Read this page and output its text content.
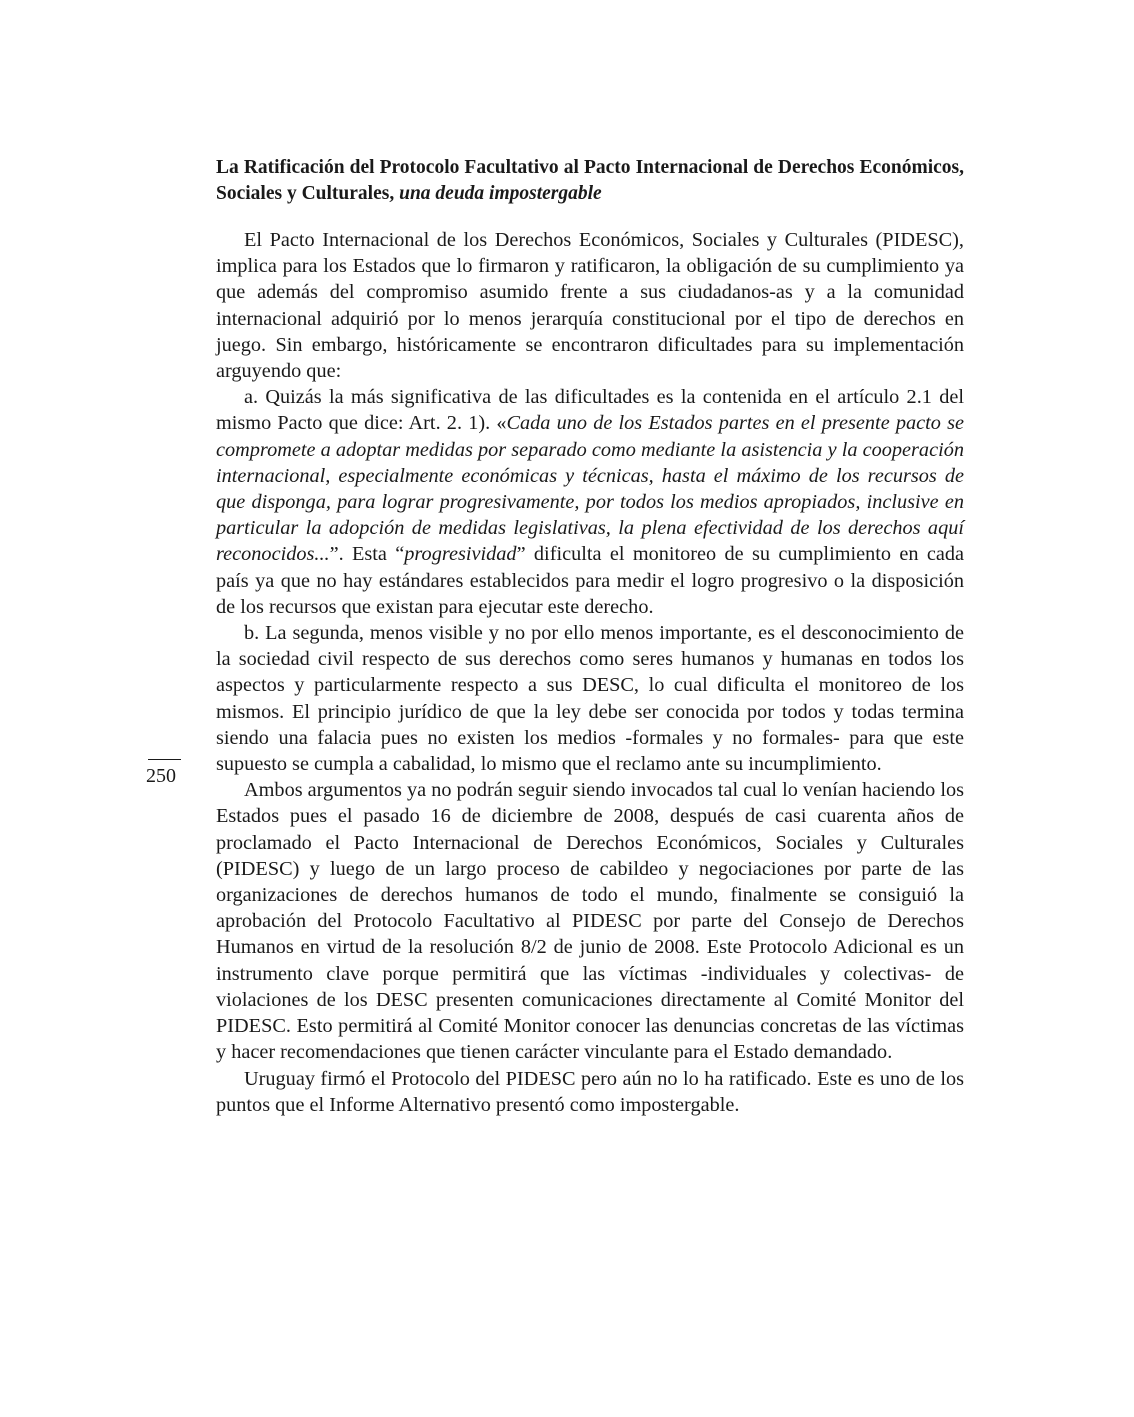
250
La Ratificación del Protocolo Facultativo al Pacto Internacional de Derechos Económicos, Sociales y Culturales, una deuda impostergable

El Pacto Internacional de los Derechos Económicos, Sociales y Culturales (PIDESC), implica para los Estados que lo firmaron y ratificaron, la obligación de su cumplimiento ya que además del compromiso asumido frente a sus ciudadanos-as y a la comunidad internacional adquirió por lo menos jerarquía constitucional por el tipo de derechos en juego. Sin embargo, históricamente se encontraron dificultades para su implementación arguyendo que:

a. Quizás la más significativa de las dificultades es la contenida en el artículo 2.1 del mismo Pacto que dice: Art. 2. 1). «Cada uno de los Estados partes en el presente pacto se compromete a adoptar medidas por separado como mediante la asistencia y la cooperación internacional, especialmente económicas y técnicas, hasta el máximo de los recursos de que disponga, para lograr progresivamente, por todos los medios apropiados, inclusive en particular la adopción de medidas legislativas, la plena efectividad de los derechos aquí reconocidos...”. Esta “progresividad” dificulta el monitoreo de su cumplimiento en cada país ya que no hay estándares establecidos para medir el logro progresivo o la disposición de los recursos que existan para ejecutar este derecho.

b. La segunda, menos visible y no por ello menos importante, es el desconocimiento de la sociedad civil respecto de sus derechos como seres humanos y humanas en todos los aspectos y particularmente respecto a sus DESC, lo cual dificulta el monitoreo de los mismos. El principio jurídico de que la ley debe ser conocida por todos y todas termina siendo una falacia pues no existen los medios -formales y no formales- para que este supuesto se cumpla a cabalidad, lo mismo que el reclamo ante su incumplimiento.

Ambos argumentos ya no podrán seguir siendo invocados tal cual lo venían haciendo los Estados pues el pasado 16 de diciembre de 2008, después de casi cuarenta años de proclamado el Pacto Internacional de Derechos Económicos, Sociales y Culturales (PIDESC) y luego de un largo proceso de cabildeo y negociaciones por parte de las organizaciones de derechos humanos de todo el mundo, finalmente se consiguió la aprobación del Protocolo Facultativo al PIDESC por parte del Consejo de Derechos Humanos en virtud de la resolución 8/2 de junio de 2008. Este Protocolo Adicional es un instrumento clave porque permitirá que las víctimas -individuales y colectivas- de violaciones de los DESC presenten comunicaciones directamente al Comité Monitor del PIDESC. Esto permitirá al Comité Monitor conocer las denuncias concretas de las víctimas y hacer recomendaciones que tienen carácter vinculante para el Estado demandado.

Uruguay firmó el Protocolo del PIDESC pero aún no lo ha ratificado. Este es uno de los puntos que el Informe Alternativo presentó como impostergable.
